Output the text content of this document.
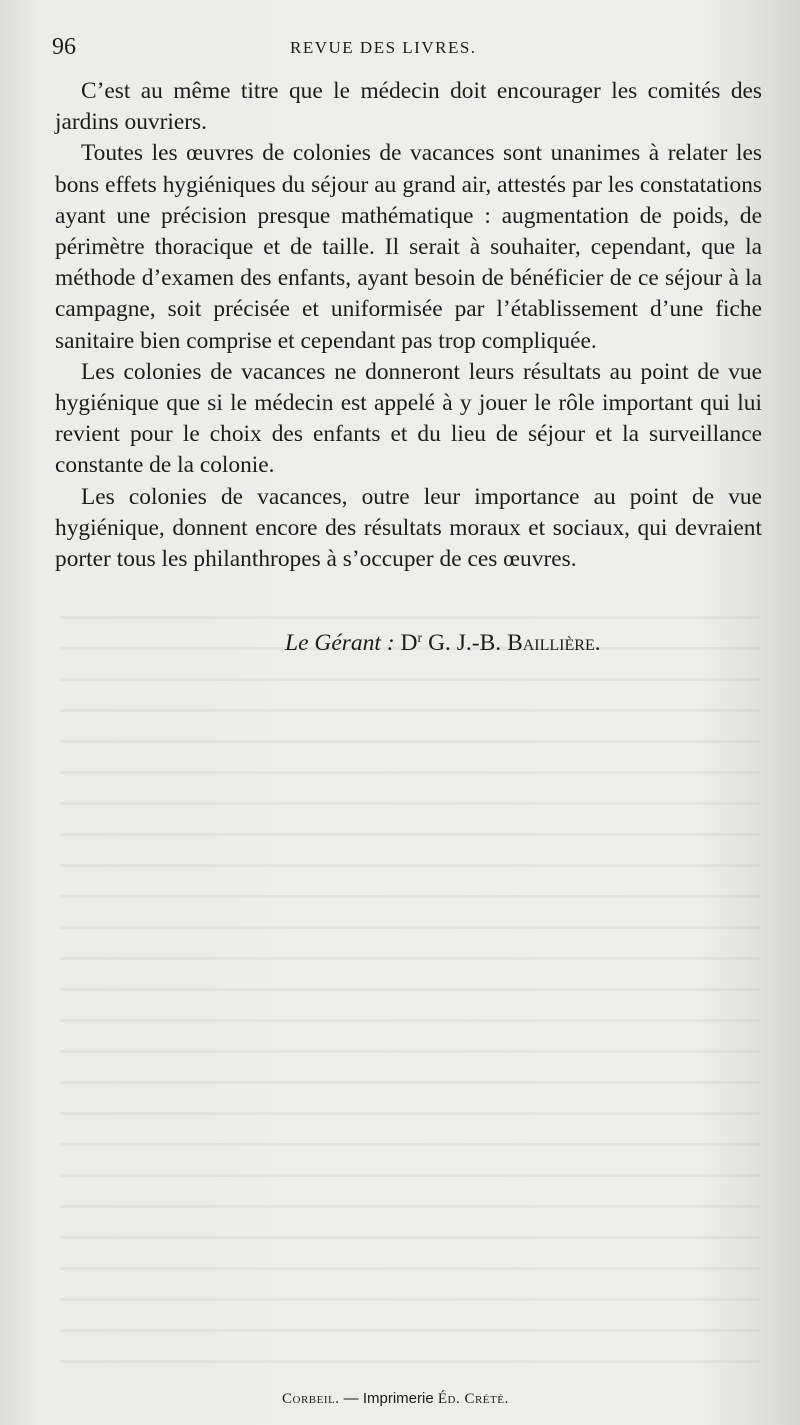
96	REVUE DES LIVRES.

C’est au même titre que le médecin doit encourager les comités des jardins ouvriers.

Toutes les œuvres de colonies de vacances sont unanimes à relater les bons effets hygiéniques du séjour au grand air, attestés par les constatations ayant une précision presque mathématique : augmentation de poids, de périmètre thoracique et de taille. Il serait à souhaiter, cependant, que la méthode d’examen des enfants, ayant besoin de bénéficier de ce séjour à la campagne, soit précisée et uniformisée par l’établissement d’une fiche sanitaire bien comprise et cependant pas trop compliquée.

Les colonies de vacances ne donneront leurs résultats au point de vue hygiénique que si le médecin est appelé à y jouer le rôle important qui lui revient pour le choix des enfants et du lieu de séjour et la surveillance constante de la colonie.

Les colonies de vacances, outre leur importance au point de vue hygiénique, donnent encore des résultats moraux et sociaux, qui devraient porter tous les philanthropes à s’occuper de ces œuvres.

Le Gérant : $D^r$ G. J.-B. Baillière.
Corbeil. — Imprimerie Éd. Crété.
